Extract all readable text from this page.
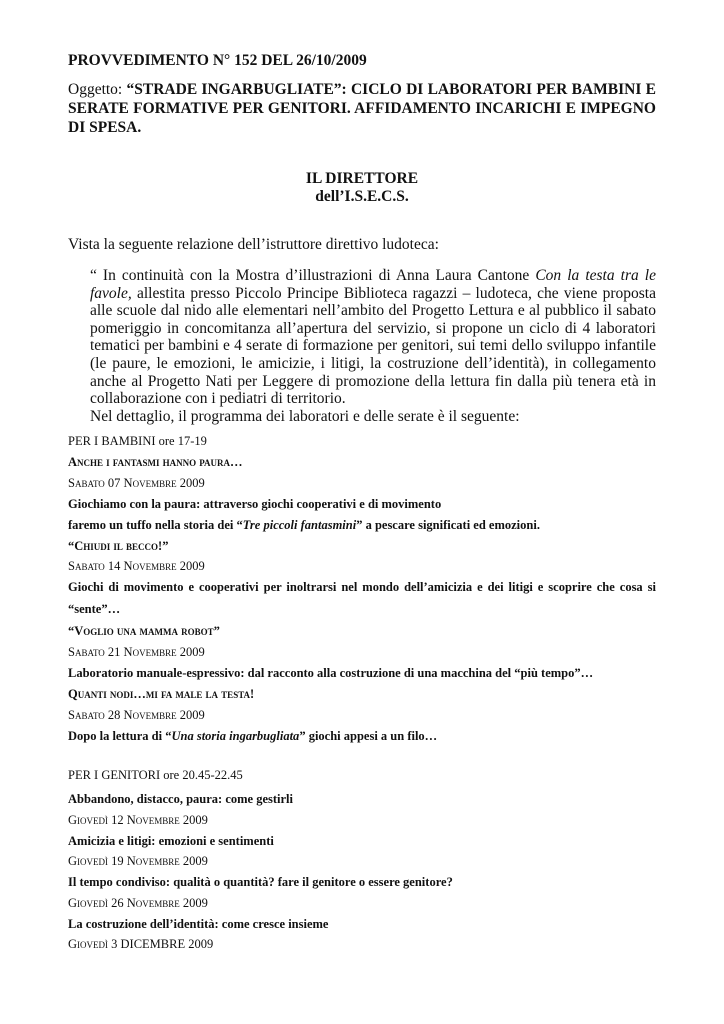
PROVVEDIMENTO N° 152 DEL 26/10/2009
Oggetto: “STRADE INGARBUGLIATE”: CICLO DI LABORATORI PER BAMBINI E SERATE FORMATIVE PER GENITORI. AFFIDAMENTO INCARICHI E IMPEGNO DI SPESA.
IL DIRETTORE
dell’I.S.E.C.S.
Vista la seguente relazione dell’istruttore direttivo ludoteca:
“ In continuità con la Mostra d’illustrazioni di Anna Laura Cantone Con la testa tra le favole, allestita presso Piccolo Principe Biblioteca ragazzi – ludoteca, che viene proposta alle scuole dal nido alle elementari nell’ambito del Progetto Lettura e al pubblico il sabato pomeriggio in concomitanza all’apertura del servizio, si propone un ciclo di 4 laboratori tematici per bambini e 4 serate di formazione per genitori, sui temi dello sviluppo infantile (le paure, le emozioni, le amicizie, i litigi, la costruzione dell’identità), in collegamento anche al Progetto Nati per Leggere di promozione della lettura fin dalla più tenera età in collaborazione con i pediatri di territorio.
Nel dettaglio, il programma dei laboratori e delle serate è il seguente:
PER I BAMBINI ore 17-19
Anche i fantasmi hanno paura…
Sabato 07 Novembre 2009
Giochiamo con la paura: attraverso giochi cooperativi e di movimento
faremo un tuffo nella storia dei “Tre piccoli fantasmini” a pescare significati ed emozioni.
“Chiudi il becco!”
Sabato 14 Novembre 2009
Giochi di movimento e cooperativi per inoltrarsi nel mondo dell’amicizia e dei litigi e scoprire che cosa si “sente”…
“Voglio una mamma robot”
Sabato 21 Novembre 2009
Laboratorio manuale-espressivo: dal racconto alla costruzione di una macchina del “più tempo”…
Quanti nodi…mi fa male la testa!
Sabato 28 Novembre 2009
Dopo la lettura di “Una storia ingarbugliata” giochi appesi a un filo…
PER I GENITORI ore 20.45-22.45
Abbandono, distacco, paura: come gestirli
Giovedì 12 Novembre 2009
Amicizia e litigi: emozioni e sentimenti
Giovedì 19 Novembre 2009
Il tempo condiviso: qualità o quantità? fare il genitore o essere genitore?
Giovedì 26 Novembre 2009
La costruzione dell’identità: come cresce insieme
Giovedì 3 DICEMBRE 2009
